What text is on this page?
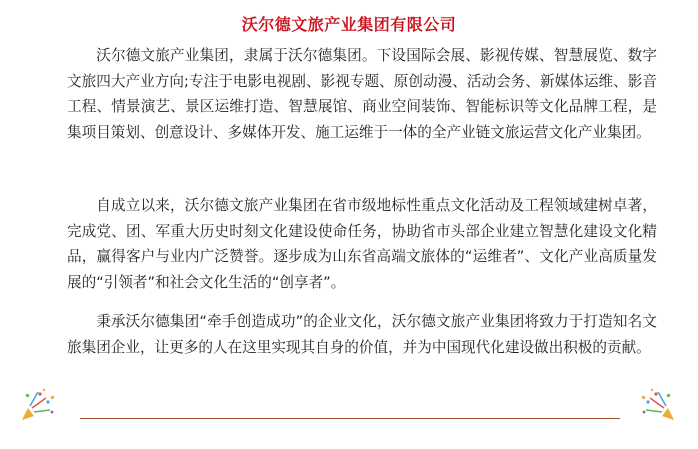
沃尔德文旅产业集团有限公司

沃尔德文旅产业集团，隶属于沃尔德集团。下设国际会展、影视传媒、智慧展览、数字文旅四大产业方向;专注于电影电视剧、影视专题、原创动漫、活动会务、新媒体运维、影音工程、情景演艺、景区运维打造、智慧展馆、商业空间装饰、智能标识等文化品牌工程，是集项目策划、创意设计、多媒体开发、施工运维于一体的全产业链文旅运营文化产业集团。

自成立以来，沃尔德文旅产业集团在省市级地标性重点文化活动及工程领域建树卓著，完成党、团、军重大历史时刻文化建设使命任务，协助省市头部企业建立智慧化建设文化精品，赢得客户与业内广泛赞誉。逐步成为山东省高端文旅体的“运维者”、文化产业高质量发展的“引领者”和社会文化生活的“创享者”。

秉承沃尔德集团“牵手创造成功”的企业文化，沃尔德文旅产业集团将致力于打造知名文旅集团企业，让更多的人在这里实现其自身的价值，并为中国现代化建设做出积极的贡献。
